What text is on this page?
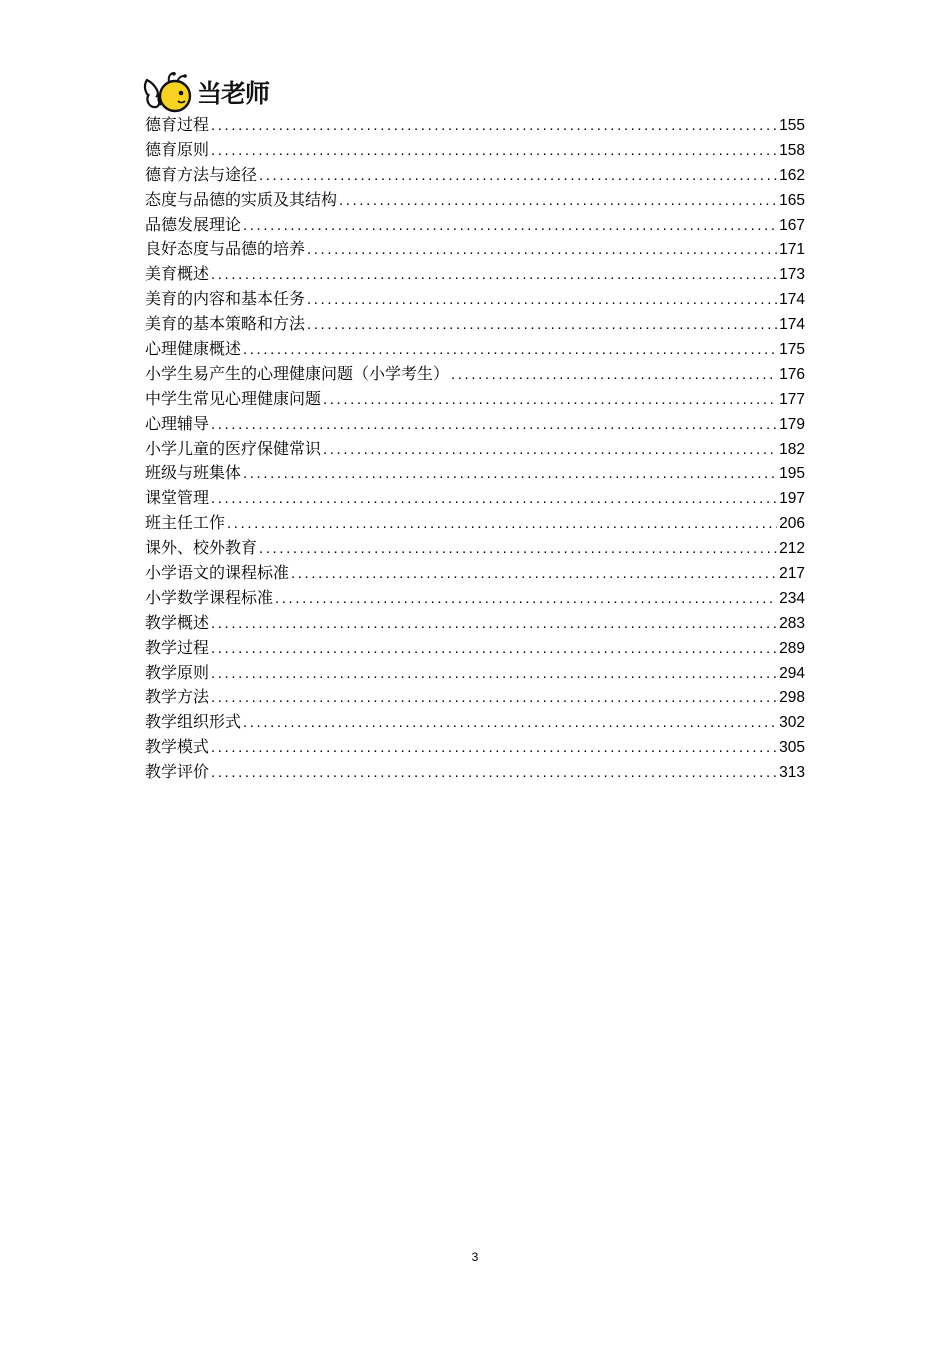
当老师
德育过程 .....	155
德育原则 .....	158
德育方法与途径 .....	162
态度与品德的实质及其结构 .....	165
品德发展理论 .....	167
良好态度与品德的培养 .....	171
美育概述 .....	173
美育的内容和基本任务 .....	174
美育的基本策略和方法 .....	174
心理健康概述 .....	175
小学生易产生的心理健康问题（小学考生） .....	176
中学生常见心理健康问题 .....	177
心理辅导 .....	179
小学儿童的医疗保健常识 .....	182
班级与班集体 .....	195
课堂管理 .....	197
班主任工作 .....	206
课外、校外教育 .....	212
小学语文的课程标准 .....	217
小学数学课程标准 .....	234
教学概述 .....	283
教学过程 .....	289
教学原则 .....	294
教学方法 .....	298
教学组织形式 .....	302
教学模式 .....	305
教学评价 .....	313
3
